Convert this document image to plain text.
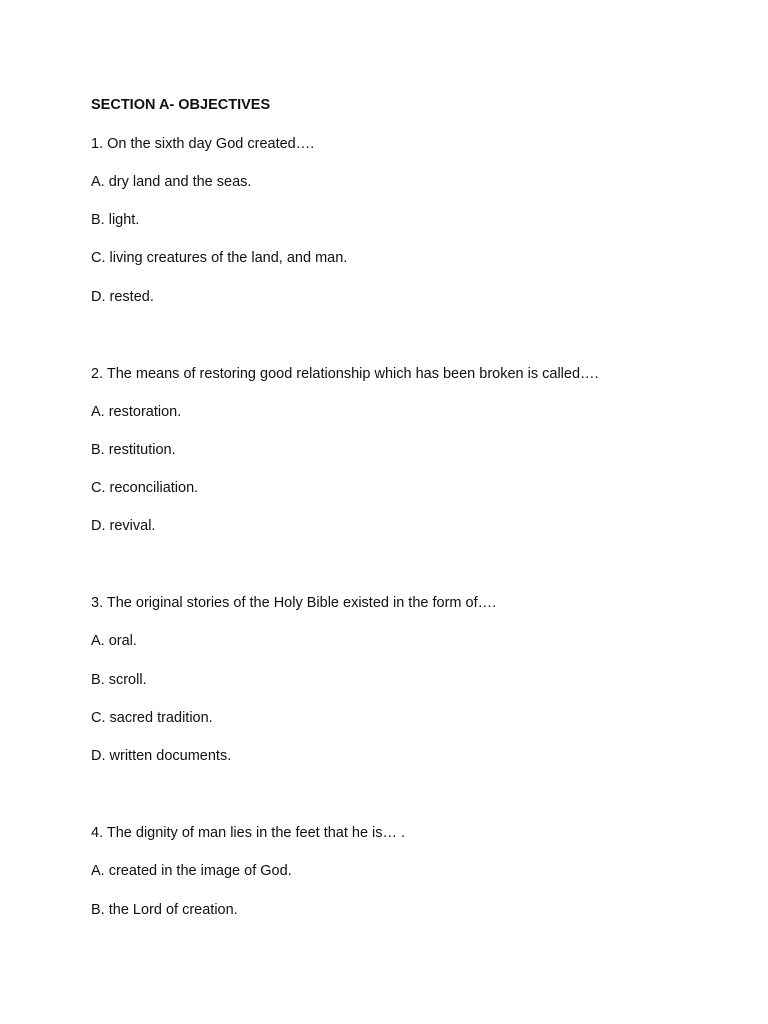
SECTION A- OBJECTIVES
1. On the sixth day God created….
A. dry land and the seas.
B. light.
C. living creatures of the land, and man.
D. rested.
2. The means of restoring good relationship which has been broken is called….
A. restoration.
B. restitution.
C. reconciliation.
D. revival.
3. The original stories of the Holy Bible existed in the form of….
A. oral.
B. scroll.
C. sacred tradition.
D. written documents.
4. The dignity of man lies in the feet that he is… .
A. created in the image of God.
B. the Lord of creation.
